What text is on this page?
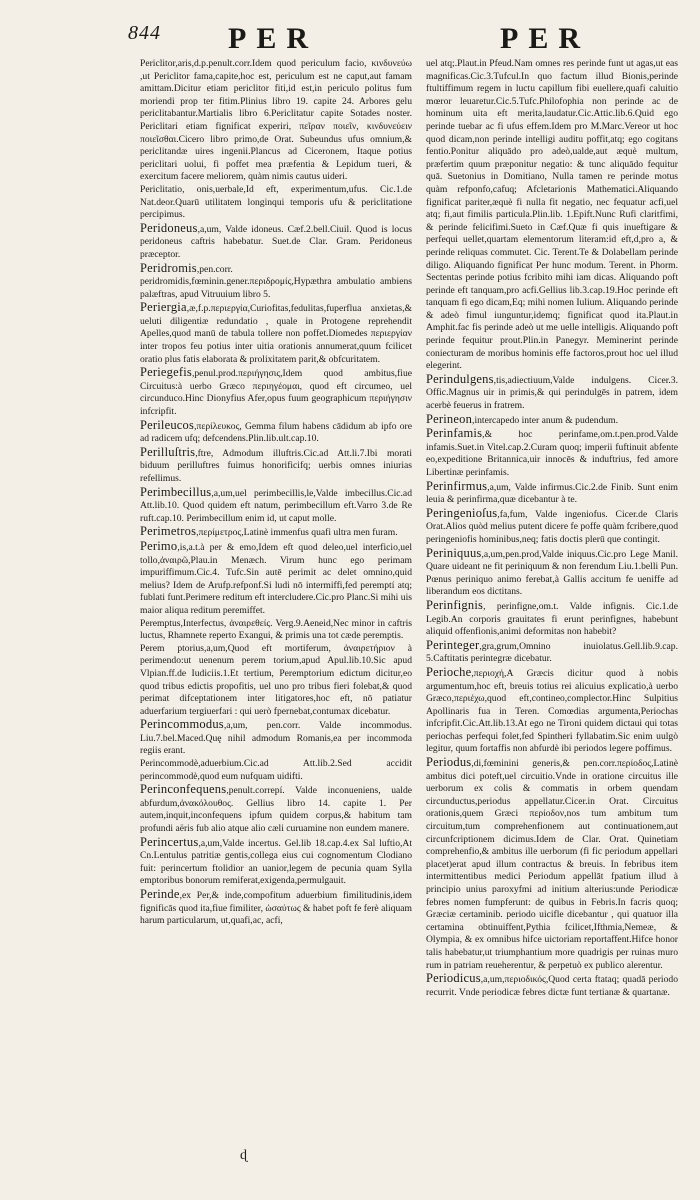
844 PER	PER

Periclitor,aris,d.p.penult.corr.Idem quod periculum facio, κινδυνεύω ,ut Periclitor fama,capite,hoc est, periculum est ne caput,aut famam amittam.Dicitur etiam periclitor fiti,id est,in periculo politus fum moriendi prop ter fitim.Plinius libro 19. capite 24. Arbores gelu periclitabantur.Martialis libro 6.Periclitatur capite Sotades noster. Periclitari etiam fignificat experiri, πεῖραν ποιεῖν, κινδυνεύειν ποιεῖσθαι.Cicero libro primo,de Orat. Subeundus ufus omnium,& periclitandæ uires ingenii.Plancus ad Ciceronem, Itaque potius periclitari uolui, fi poffet mea præfentia & Lepidum tueri, & exercitum facere meliorem, quàm nimis cautus uideri.

Periclitatio, onis,uerbale,Id eft, experimentum,ufus. Cic.1.de Nat.deor.Quarū utilitatem longinqui temporis ufu & periclitatione percipimus.

Peridoneus,a,um, Valde idoneus. Cæf.2.bell.Ciuil. Quod is locus peridoneus caftris habebatur. Suet.de Clar. Gram. Peridoneus præceptor.

Peridromis,pen.corr. peridromidis,fœminin.gener.περιδρομίς,Hypæthra ambulatio ambiens palæftras, apud Vitruuium libro 5.

Periergia,æ,f.p.περιεργία,Curiofitas,fedulitas,fuperflua anxietas,& ueluti diligentiæ redundatio , quale in Protogene reprehendit Apelles,quod manū de tabula tollere non poffet.Diomedes περιεργίαν inter tropos feu potius inter uitia orationis annumerat,quum fcilicet oratio plus fatis elaborata & prolixitatem parit,& obfcuritatem.

Periegefis,penul.prod.περιήγησις,Idem quod ambitus,fiue Circuitus:à uerbo Græco περιηγέομαι, quod eft circumeo, uel circunduco.Hinc Dionyfius Afer,opus fuum geographicum περιήγησιν infcripfit.

Perileucos,περίλευκος, Gemma filum habens cādidum ab ipfo ore ad radicem ufq; defcendens.Plin.lib.ult.cap.10.

Perilluſtris,ftre, Admodum illuftris.Cic.ad Att.li.7.Ibi morati biduum perilluftres fuimus honorificifq; uerbis omnes iniurias refellimus.

Perimbecillus,a,um,uel perimbecillis,le,Valde imbecillus.Cic.ad Att.lib.10. Quod quidem eft natum, perimbecillum eft.Varro 3.de Re ruft.cap.10. Perimbecillum enim id, ut caput molle.

Perimetros,περίμετρος,Latinè immenfus quafi ultra men furam.

Perimo,is,a.t.à per & emo,Idem eft quod deleo,uel interficio,uel tollo,ἀναιρῶ,Plau.in Menæch. Virum hunc ego perimam impuriffimum.Cic.4. Tufc.Sin autē perimit ac delet omnino,quid melius? Idem de Arufp.refponf.Si ludi nō intermiffi,fed peremptí atq; fublati funt.Perimere reditum eft intercludere.Cic.pro Planc.Si mihi uis maior aliqua reditum peremiffet.

Peremptus,Interfectus, ἀναιρεθείς. Verg.9.Aeneid,Nec minor in caftris luctus, Rhamnete reperto Exangui, & primis una tot cæde peremptis.

Perem ptorius,a,um,Quod eft mortiferum, ἀναιρετήριον à perimendo:ut uenenum perem torium,apud Apul.lib.10.Sic apud Vlpian.ff.de Iudiciis.1.Et tertium, Peremptorium edictum dicitur,eo quod tribus edictis propofitis, uel uno pro tribus fieri folebat,& quod perimat difceptationem inter litigatores,hoc eft, nō patiatur aduerfarium tergiuerfari : qui uerò fpernebat,contumax dicebatur.

Perincommodus,a,um, pen.corr. Valde incommodus. Liu.7.bel.Maced.Quę nihil admodum Romanis,ea per incommoda regiis erant.

Perincommodè,aduerbium.Cic.ad Att.lib.2.Sed accidit perincommodè,quod eum nufquam uidifti.

Perinconfequens,penult.correpí. Valde inconueniens, ualde abfurdum,ἀνακόλουθος. Gellius libro 14. capite 1. Per autem,inquit,inconfequens ipfum quidem corpus,& habitum tam profundi aëris fub alio atque alio cæli curuamine non eundem manere.

Perincertus,a,um,Valde incertus. Gel.lib 18.cap.4.ex Sal luftio,At Cn.Lentulus patritiæ gentis,collega eius cui cognomentum Clodiano fuit: perincertum ftolidior an uanior,legem de pecunia quam Sylla emptoribus bonorum remiferat,exigenda,permulgauit.

Perinde,ex Per,& inde,compofitum aduerbium fimilitudinis,idem fignificās quod ita,fiue fimiliter, ὡσαύτως & habet poft fe ferè aliquam harum particularum, ut,quafi,ac, acfi,

uel atq;.Plaut.in Pfeud.Nam omnes res perinde funt ut agas,ut eas magnificas.Cic.3.Tufcul.In quo factum illud Bionis,perinde ftultiffimum regem in luctu capillum fibi euellere,quafi caluitio mœror leuaretur.Cic.5.Tufc.Philofophia non perinde ac de hominum uita eft merita,laudatur.Cic.Attic.lib.6.Quid ego perinde tuebar ac fi ufus effem.Idem pro M.Marc.Vereor ut hoc quod dicam,non perinde intelligi auditu poffit,atq; ego cogitans fentio.Ponitur aliquādo pro adeò,ualde,aut æquè multum, præfertim quum præponitur negatio: & tunc aliquādo fequitur quā. Suetonius in Domitiano, Nulla tamen re perinde motus quàm refponfo,cafuq; Afcletarionis Mathematici.Aliquando fignificat pariter,æquè fi nulla fit negatio, nec fequatur acfi,uel atq; fi,aut fimilis particula.Plin.lib. 1.Epift.Nunc Rufi claritfimi, & perinde felicifimi.Sueto in Cæf.Quæ fi quis inueftigare & perfequi uellet,quartam elementorum literam:id eft,d,pro a, & perinde reliquas commutet. Cic. Terent.Te & Dolabellam perinde diligo. Aliquando fignificat Per hunc modum. Terent. in Phorm. Sectentas perinde potius fcribito mihi iam dicas. Aliquando poft perinde eft tanquam,pro acfi.Gellius lib.3.cap.19.Hoc perinde eft tanquam fi ego dicam,Eq; mihi nomen Iulium. Aliquando perinde & adeò fimul iunguntur,idemq; fignificat quod ita.Plaut.in Amphit.fac fis perinde adeò ut me uelle intelligis. Aliquando poft perinde fequitur prout.Plin.in Panegyr. Meminerint perinde coniecturam de moribus hominis effe factoros,prout hoc uel illud elegerint.

Perindulgens,tis,adiectiuum,Valde indulgens. Cicer.3. Offic.Magnus uir in primis,& qui perindulgēs in patrem, idem acerbè feuerus in fratrem.

Perineon,intercapedo inter anum & pudendum.

Perinfamis,& hoc perinfame,om.t.pen.prod.Valde infamis.Suet.in Vitel.cap.2.Curam quoq; imperii fuftinuit abfente eo,expeditione Britannica,uir innocēs & induftrius, fed amore Libertinæ perinfamis.

Perinfirmus,a,um, Valde infirmus.Cic.2.de Finib. Sunt enim leuia & perinfirma,quæ dicebantur à te.

Peringenioſus,fa,fum, Valde ingeniofus. Cicer.de Claris Orat.Alios quòd melius putent dicere fe poffe quàm fcribere,quod peringeniofis hominibus,neq; fatis doctis plerū que contingit.

Periniquus,a,um,pen.prod,Valde iniquus.Cic.pro Lege Manil. Quare uideant ne fit periniquum & non ferendum Liu.1.belli Pun. Pœnus periniquo animo ferebat,à Gallis accitum fe ueniffe ad liberandum eos dictitans.

Perinfignis, perinfigne,om.t. Valde infignis. Cic.1.de Legib.An corporis grauitates fi erunt perinfignes, habebunt aliquid offenfionis,animi deformitas non habebit?

Perinteger,gra,grum,Omnino inuiolatus.Gell.lib.9.cap. 5.Caftitatis perintegræ dicebatur.

Perioche,περιοχή,A Græcis dicitur quod à nobis argumentum,hoc eft, breuis totius rei alicuius explicatio,à uerbo Græco,περιέχω,quod eft,contineo,complector.Hinc Sulpitius Apollinaris fua in Teren. Comœdias argumenta,Periochas infcripfit.Cic.Att.lib.13.At ego ne Tironi quidem dictaui qui totas periochas perfequi folet,fed Spintheri fyllabatim.Sic enim uulgò legitur, quum fortaffis non abfurdè ibi periodos legere poffimus.

Periodus,di,fœminini generis,& pen.corr.περίοδος,Latinè ambitus dici poteft,uel circuitio.Vnde in oratione circuitus ille uerborum ex colis & commatis in orbem quendam circunductus,periodus appellatur.Cicer.in Orat. Circuitus orationis,quem Græci περίοδον,nos tum ambitum tum circuitum,tum comprehenfionem aut continuationem,aut circunfcriptionem dicimus.Idem de Clar. Orat. Quinetiam comprehenfio,& ambitus ille uerborum (fi fic periodum appellari placet)erat apud illum contractus & breuis. In febribus item intermittentibus medici Periodum appellāt fpatium illud à principio unius paroxyfmi ad initium alterius:unde Periodicæ febres nomen fumpferunt: de quibus in Febris.In facris quoq; Græciæ certaminib. periodo uicifle dicebantur , qui quatuor illa certamina obtinuiffent,Pythia fcilicet,Ifthmia,Nemeæ, & Olympia, & ex omnibus hifce uictoriam reportaffent.Hifce honor talis habebatur,ut triumphantium more quadrigis per ruinas muro rum in patriam reueherentur, & perpetuò ex publico alerentur.

Periodicus,a,um,περιοδικός,Quod certa ftataq; quadā periodo recurrit. Vnde periodicæ febres dictæ funt tertianæ & quartanæ.

ɖ
